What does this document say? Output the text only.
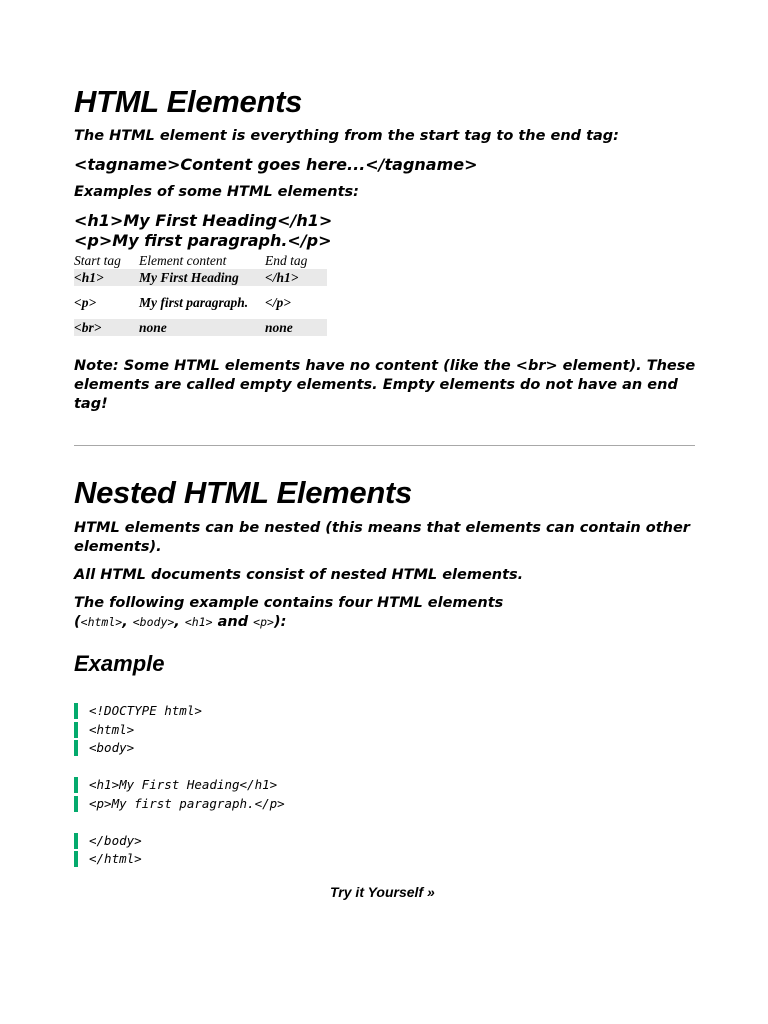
HTML Elements

The HTML element is everything from the start tag to the end tag:

<tagname>Content goes here...</tagname>

Examples of some HTML elements:

<h1>My First Heading</h1>

<p>My first paragraph.</p>

Start tag	Element content	End tag
<h1>	My First Heading	</h1>
<p>	My first paragraph.	</p>
<br>	none	none

Note: Some HTML elements have no content (like the <br> element). These elements are called empty elements. Empty elements do not have an end tag!

Nested HTML Elements

HTML elements can be nested (this means that elements can contain other elements).

All HTML documents consist of nested HTML elements.

The following example contains four HTML elements

(<html>, <body>, <h1> and <p>):

Example
<!DOCTYPE html>
<html>
<body>
<h1>My First Heading</h1>
<p>My first paragraph.</p>
</body>
</html>
Try it Yourself »
